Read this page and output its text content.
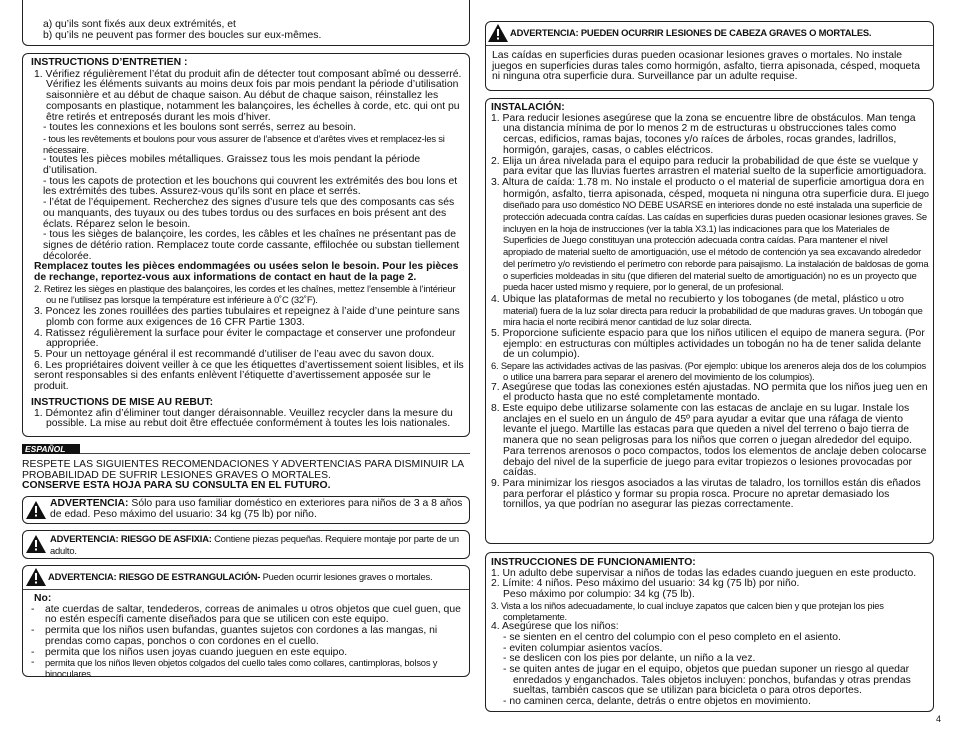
a) qu’ils sont fixés aux deux extrémités, et

b) qu’ils ne peuvent pas former des boucles sur eux-mêmes.

INSTRUCTIONS D’ENTRETIEN :

1. Vérifiez régulièrement l’état du produit afin de détecter tout composant abîmé ou desserré. Vérifiez les éléments suivants au moins deux fois par mois pendant la période d’utilisation saisonnière et au début de chaque saison. Au début de chaque saison, réinstallez les composants en plastique, notamment les balançoires, les échelles à corde, etc. qui ont pu être retirés et entreposés durant les mois d’hiver.

- toutes les connexions et les boulons sont serrés, serrez au besoin.

- tous les revêtements et boulons pour vous assurer de l’absence et d’arêtes vives et remplacez-les si nécessaire.

- toutes les pièces mobiles métalliques. Graissez tous les mois pendant la période d’utilisation.

- tous les capots de protection et les bouchons qui couvrent les extrémités des bou lons et les extrémités des tubes. Assurez-vous qu’ils sont en place et serrés.

- l’état de l’équipement. Recherchez des signes d’usure tels que des composants cas sés ou manquants, des tuyaux ou des tubes tordus ou des surfaces en bois présent ant des éclats. Réparez selon le besoin.

- tous les sièges de balançoire, les cordes, les câbles et les chaînes ne présentant pas de signes de détério ration. Remplacez toute corde cassante, effilochée ou substan tiellement décolorée.

Remplacez toutes les pièces endommagées ou usées selon le besoin. Pour les pièces de rechange, reportez-vous aux informations de contact en haut de la page 2.

2. Retirez les sièges en plastique des balançoires, les cordes et les chaînes, mettez l’ensemble à l’intérieur ou ne l’utilisez pas lorsque la température est inférieure à 0˚C (32˚F).

3. Poncez les zones rouillées des parties tubulaires et repeignez à l’aide d’une peinture sans plomb con forme aux exigences de 16 CFR Partie 1303.

4. Ratissez régulièrement la surface pour éviter le compactage et conserver une profondeur appropriée.

5. Pour un nettoyage général il est recommandé d’utiliser de l’eau avec du savon doux.

6. Les propriétaires doivent veiller à ce que les étiquettes d’avertissement soient lisibles, et ils seront responsables si des enfants enlèvent l’étiquette d’avertissement apposée sur le produit.

INSTRUCTIONS DE MISE AU REBUT:

1. Démontez afin d’éliminer tout danger déraisonnable. Veuillez recycler dans la mesure du possible. La mise au rebut doit être effectuée conformément à toutes les lois nationales.

ESPAÑOL

RESPETE LAS SIGUIENTES RECOMENDACIONES Y ADVERTENCIAS PARA DISMINUIR LA PROBABILIDAD DE SUFRIR LESIONES GRAVES O MORTALES.

CONSERVE ESTA HOJA PARA SU CONSULTA EN EL FUTURO.

ADVERTENCIA: Sólo para uso familiar doméstico en exteriores para niños de 3 a 8 años de edad. Peso máximo del usuario: 34 kg (75 lb) por niño.

ADVERTENCIA: RIESGO DE ASFIXIA: Contiene piezas pequeñas. Requiere montaje por parte de un adulto.

ADVERTENCIA: RIESGO DE ESTRANGULACIÓN- Pueden ocurrir lesiones graves o mortales.

No:

-	ate cuerdas de saltar, tendederos, correas de animales u otros objetos que cuel guen, que no estén específi camente diseñados para que se utilicen con este equipo.
-	permita que los niños usen bufandas, guantes sujetos con cordones a las mangas, ni prendas como capas, ponchos o con cordones en el cuello.
-	permita que los niños usen joyas cuando jueguen en este equipo.
-	permita que los niños lleven objetos colgados del cuello tales como collares, cantimploras, bolsos y binoculares.

ADVERTENCIA: PUEDEN OCURRIR LESIONES DE CABEZA GRAVES O MORTALES.

Las caídas en superficies duras pueden ocasionar lesiones graves o mortales. No instale juegos en superficies duras tales como hormigón, asfalto, tierra apisonada, césped, moqueta ni ninguna otra superficie dura. Surveillance par un adulte requise.

INSTALACIÓN:

1. Para reducir lesiones asegúrese que la zona se encuentre libre de obstáculos. Man tenga una distancia mínima de por lo menos 2 m de estructuras u obstrucciones tales como cercas, edificios, ramas bajas, tocones y/o raíces de árboles, rocas grandes, ladrillos, hormigón, garajes, casas, o cables eléctricos.

2. Elija un área nivelada para el equipo para reducir la probabilidad de que éste se vuelque y para evitar que las lluvias fuertes arrastren el material suelto de la superficie amortiguadora.

3. Altura de caída: 1.78 m. No instale el producto o el material de superficie amortigua dora en hormigón, asfalto, tierra apisonada, césped, moqueta ni ninguna otra superficie dura. El juego diseñado para uso doméstico NO DEBE USARSE en interiores donde no esté instalada una superficie de protección adecuada contra caídas. Las caídas en superficies duras pueden ocasionar lesiones graves. Se incluyen en la hoja de instrucciones (ver la tabla X3.1) las indicaciones para que los Materiales de Superficies de Juego constituyan una protección adecuada contra caídas. Para mantener el nivel apropiado de material suelto de amortiguación, use el método de contención ya sea excavando alrededor del perímetro y/o revistiendo el perímetro con reborde para paisajismo. La instalación de baldosas de goma o superficies moldeadas in situ (que difieren del material suelto de amortiguación) no es un proyecto que pueda hacer usted mismo y requiere, por lo general, de un profesional.

4. Ubique las plataformas de metal no recubierto y los toboganes (de metal, plástico u otro material) fuera de la luz solar directa para reducir la probabilidad de que maduras graves. Un tobogán que mira hacia el norte recibirá menor cantidad de luz solar directa.

5. Proporcione suficiente espacio para que los niños utilicen el equipo de manera segura. (Por ejemplo: en estructuras con múltiples actividades un tobogán no ha de tener salida delante de un columpio).

6. Separe las actividades activas de las pasivas. (Por ejemplo: ubique los areneros aleja dos de los columpios o utilice una barrera para separar el arenero del movimiento de los columpios).

7. Asegúrese que todas las conexiones estén ajustadas. NO permita que los niños jueg uen en el producto hasta que no esté completamente montado.

8. Este equipo debe utilizarse solamente con las estacas de anclaje en su lugar. Instale los anclajes en el suelo en un ángulo de 45º para ayudar a evitar que una ráfaga de viento levante el juego. Martille las estacas para que queden a nivel del terreno o bajo tierra de manera que no sean peligrosas para los niños que corren o juegan alrededor del equipo. Para terrenos arenosos o poco compactos, todos los elementos de anclaje deben colocarse debajo del nivel de la superficie de juego para evitar tropiezos o lesiones provocadas por caídas.

9. Para minimizar los riesgos asociados a las virutas de taladro, los tornillos están dis eñados para perforar el plástico y formar su propia rosca. Procure no apretar demasiado los tornillos, ya que podrían no asegurar las piezas correctamente.

INSTRUCCIONES DE FUNCIONAMIENTO:

1. Un adulto debe supervisar a niños de todas las edades cuando jueguen en este producto.

2. Límite: 4 niños. Peso máximo del usuario: 34 kg (75 lb) por niño.

Peso máximo por columpio: 34 kg (75 lb).

3. Vista a los niños adecuadamente, lo cual incluye zapatos que calcen bien y que protejan los pies completamente.

4. Asegúrese que los niños:

- se sienten en el centro del columpio con el peso completo en el asiento.

- eviten columpiar asientos vacíos.

- se deslicen con los pies por delante, un niño a la vez.

- se quiten antes de jugar en el equipo, objetos que puedan suponer un riesgo al quedar enredados y enganchados. Tales objetos incluyen: ponchos, bufandas y otras prendas sueltas, también cascos que se utilizan para bicicleta o para otros deportes.

- no caminen cerca, delante, detrás o entre objetos en movimiento.

4
